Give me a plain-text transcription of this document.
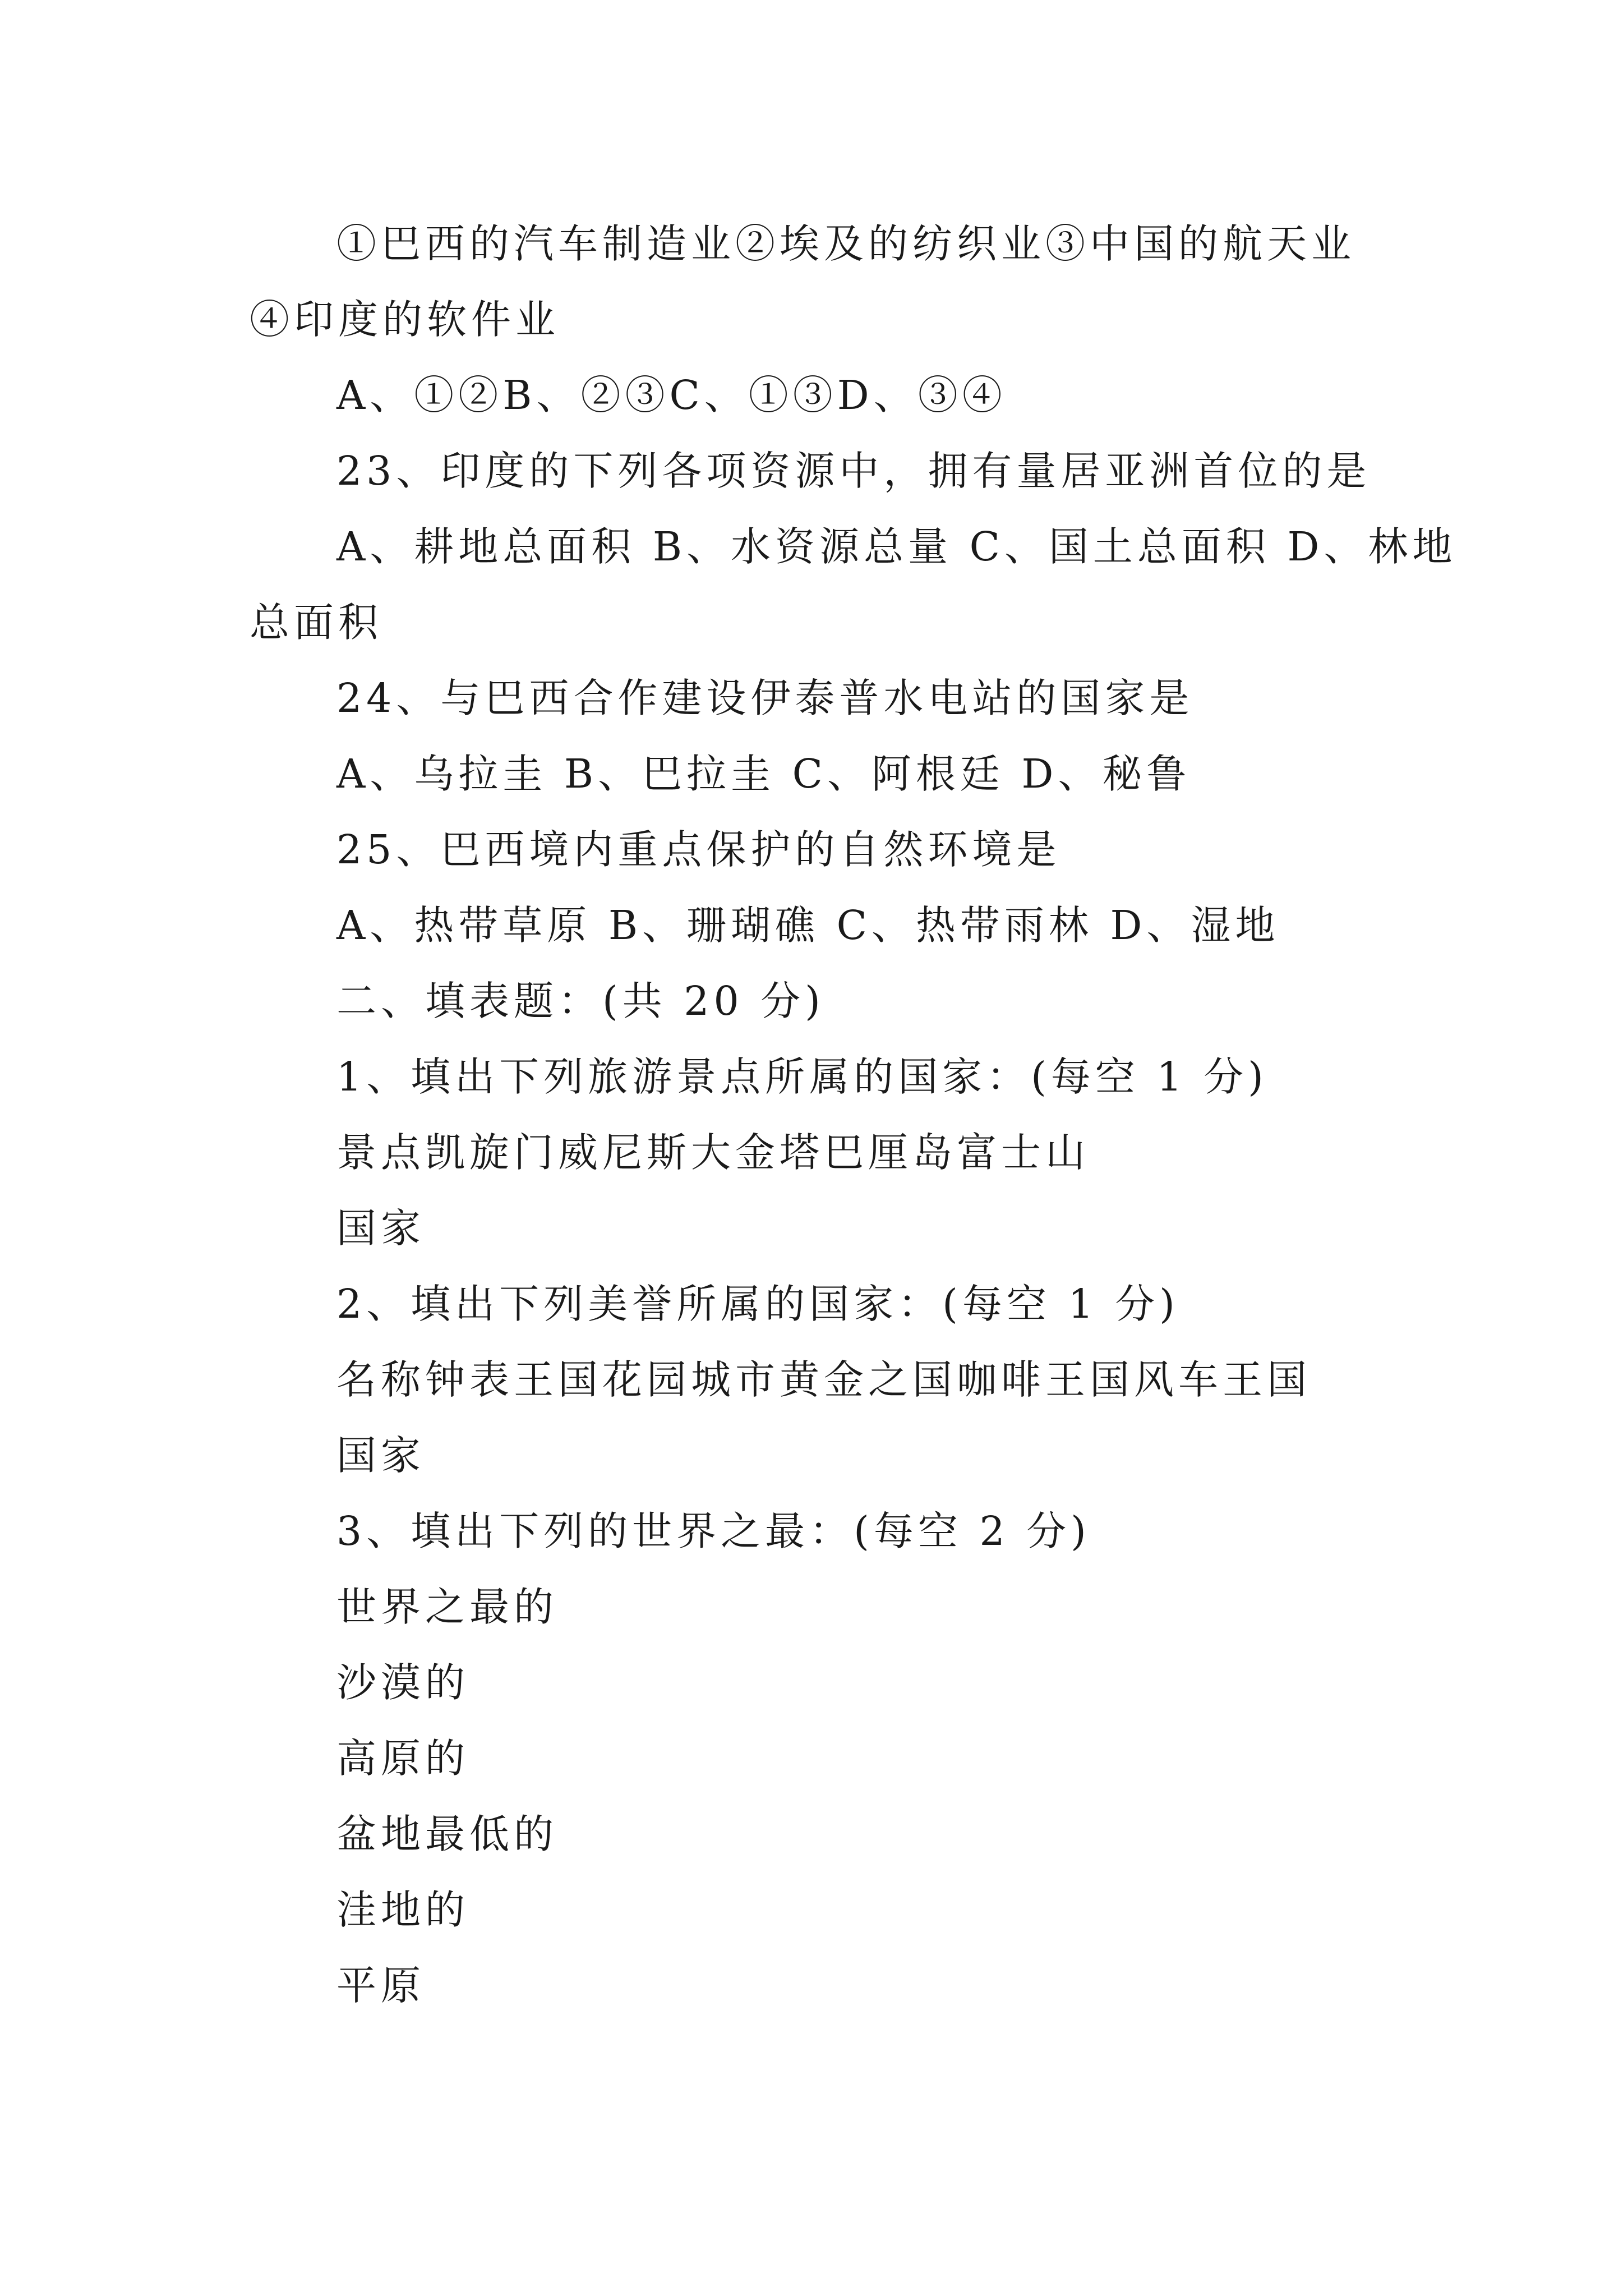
①巴西的汽车制造业②埃及的纺织业③中国的航天业

④印度的软件业

A、①②B、②③C、①③D、③④

23、印度的下列各项资源中，拥有量居亚洲首位的是

A、耕地总面积 B、水资源总量 C、国土总面积 D、林地

总面积

24、与巴西合作建设伊泰普水电站的国家是

A、乌拉圭 B、巴拉圭 C、阿根廷 D、秘鲁

25、巴西境内重点保护的自然环境是

A、热带草原 B、珊瑚礁 C、热带雨林 D、湿地

二、填表题：(共 20 分)

1、填出下列旅游景点所属的国家：(每空 1 分)

景点凯旋门威尼斯大金塔巴厘岛富士山

国家

2、填出下列美誉所属的国家：(每空 1 分)

名称钟表王国花园城市黄金之国咖啡王国风车王国

国家

3、填出下列的世界之最：(每空 2 分)

世界之最的

沙漠的

高原的

盆地最低的

洼地的

平原
